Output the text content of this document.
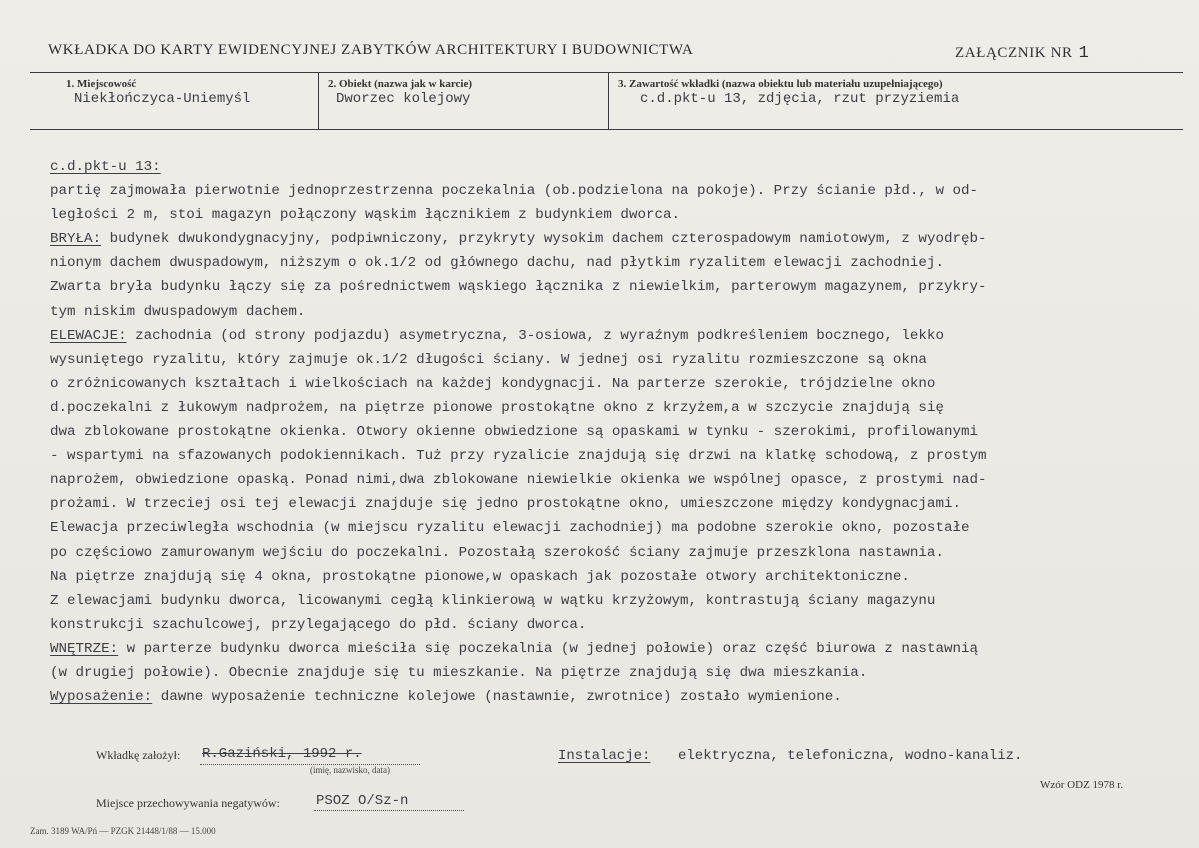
WKŁADKA DO KARTY EWIDENCYJNEJ ZABYTKÓW ARCHITEKTURY I BUDOWNICTWA	ZAŁĄCZNIK NR 1
1. Miejscowość
Niekłończyca-Uniemyśl
2. Obiekt (nazwa jak w karcie)
Dworzec kolejowy
3. Zawartość wkładki (nazwa obiektu lub materiału uzupełniającego)
c.d.pkt-u 13, zdjęcia, rzut przyziemia
c.d.pkt-u 13:
partię zajmowała pierwotnie jednoprzestrzenna poczekalnia (ob.podzielona na pokoje). Przy ścianie płd., w od-
ległości 2 m, stoi magazyn połączony wąskim łącznikiem z budynkiem dworca.
BRYŁA: budynek dwukondygnacyjny, podpiwniczony, przykryty wysokim dachem czterospadowym namiotowym, z wyodręb-
nionym dachem dwuspadowym, niższym o ok.1/2 od głównego dachu, nad płytkim ryzalitem elewacji zachodniej.
Zwarta bryła budynku łączy się za pośrednictwem wąskiego łącznika z niewielkim, parterowym magazynem, przykry-
tym niskim dwuspadowym dachem.
ELEWACJE: zachodnia (od strony podjazdu) asymetryczna, 3-osiowa, z wyraźnym podkreśleniem bocznego, lekko
wysuniętego ryzalitu, który zajmuje ok.1/2 długości ściany. W jednej osi ryzalitu rozmieszczone są okna
o zróżnicowanych kształtach i wielkościach na każdej kondygnacji. Na parterze szerokie, trójdzielne okno
d.poczekalni z łukowym nadprożem, na piętrze pionowe prostokątne okno z krzyżem,a w szczycie znajdują się
dwa zblokowane prostokątne okienka. Otwory okienne obwiedzione są opaskami w tynku - szerokimi, profilowanymi
- wspartymi na sfazowanych podokiennikach. Tuż przy ryzalicie znajdują się drzwi na klatkę schodową, z prostym
naprożem, obwiedzione opaską. Ponad nimi,dwa zblokowane niewielkie okienka we wspólnej opasce, z prostymi nad-
prożami. W trzeciej osi tej elewacji znajduje się jedno prostokątne okno, umieszczone między kondygnacjami.
Elewacja przeciwległa wschodnia (w miejscu ryzalitu elewacji zachodniej) ma podobne szerokie okno, pozostałe
po częściowo zamurowanym wejściu do poczekalni. Pozostałą szerokość ściany zajmuje przeszklona nastawnia.
Na piętrze znajdują się 4 okna, prostokątne pionowe,w opaskach jak pozostałe otwory architektoniczne.
Z elewacjami budynku dworca, licowanymi cegłą klinkierową w wątku krzyżowym, kontrastują ściany magazynu
konstrukcji szachulcowej, przylegającego do płd. ściany dworca.
WNĘTRZE: w parterze budynku dworca mieściła się poczekalnia (w jednej połowie) oraz część biurowa z nastawnią
(w drugiej połowie). Obecnie znajduje się tu mieszkanie. Na piętrze znajdują się dwa mieszkania.
Wyposażenie: dawne wyposażenie techniczne kolejowe (nastawnie, zwrotnice) zostało wymienione.
Wkładkę założył: R.Gaziński, 1992 r.
(imię, nazwisko, data)
Instalacje: elektryczna, telefoniczna, wodno-kanaliz.
Wzór ODZ 1978 r.
Miejsce przechowywania negatywów:	PSOZ O/Sz-n
Zam. 3189 WA/Pń — PZGK 21448/1/88 — 15.000
